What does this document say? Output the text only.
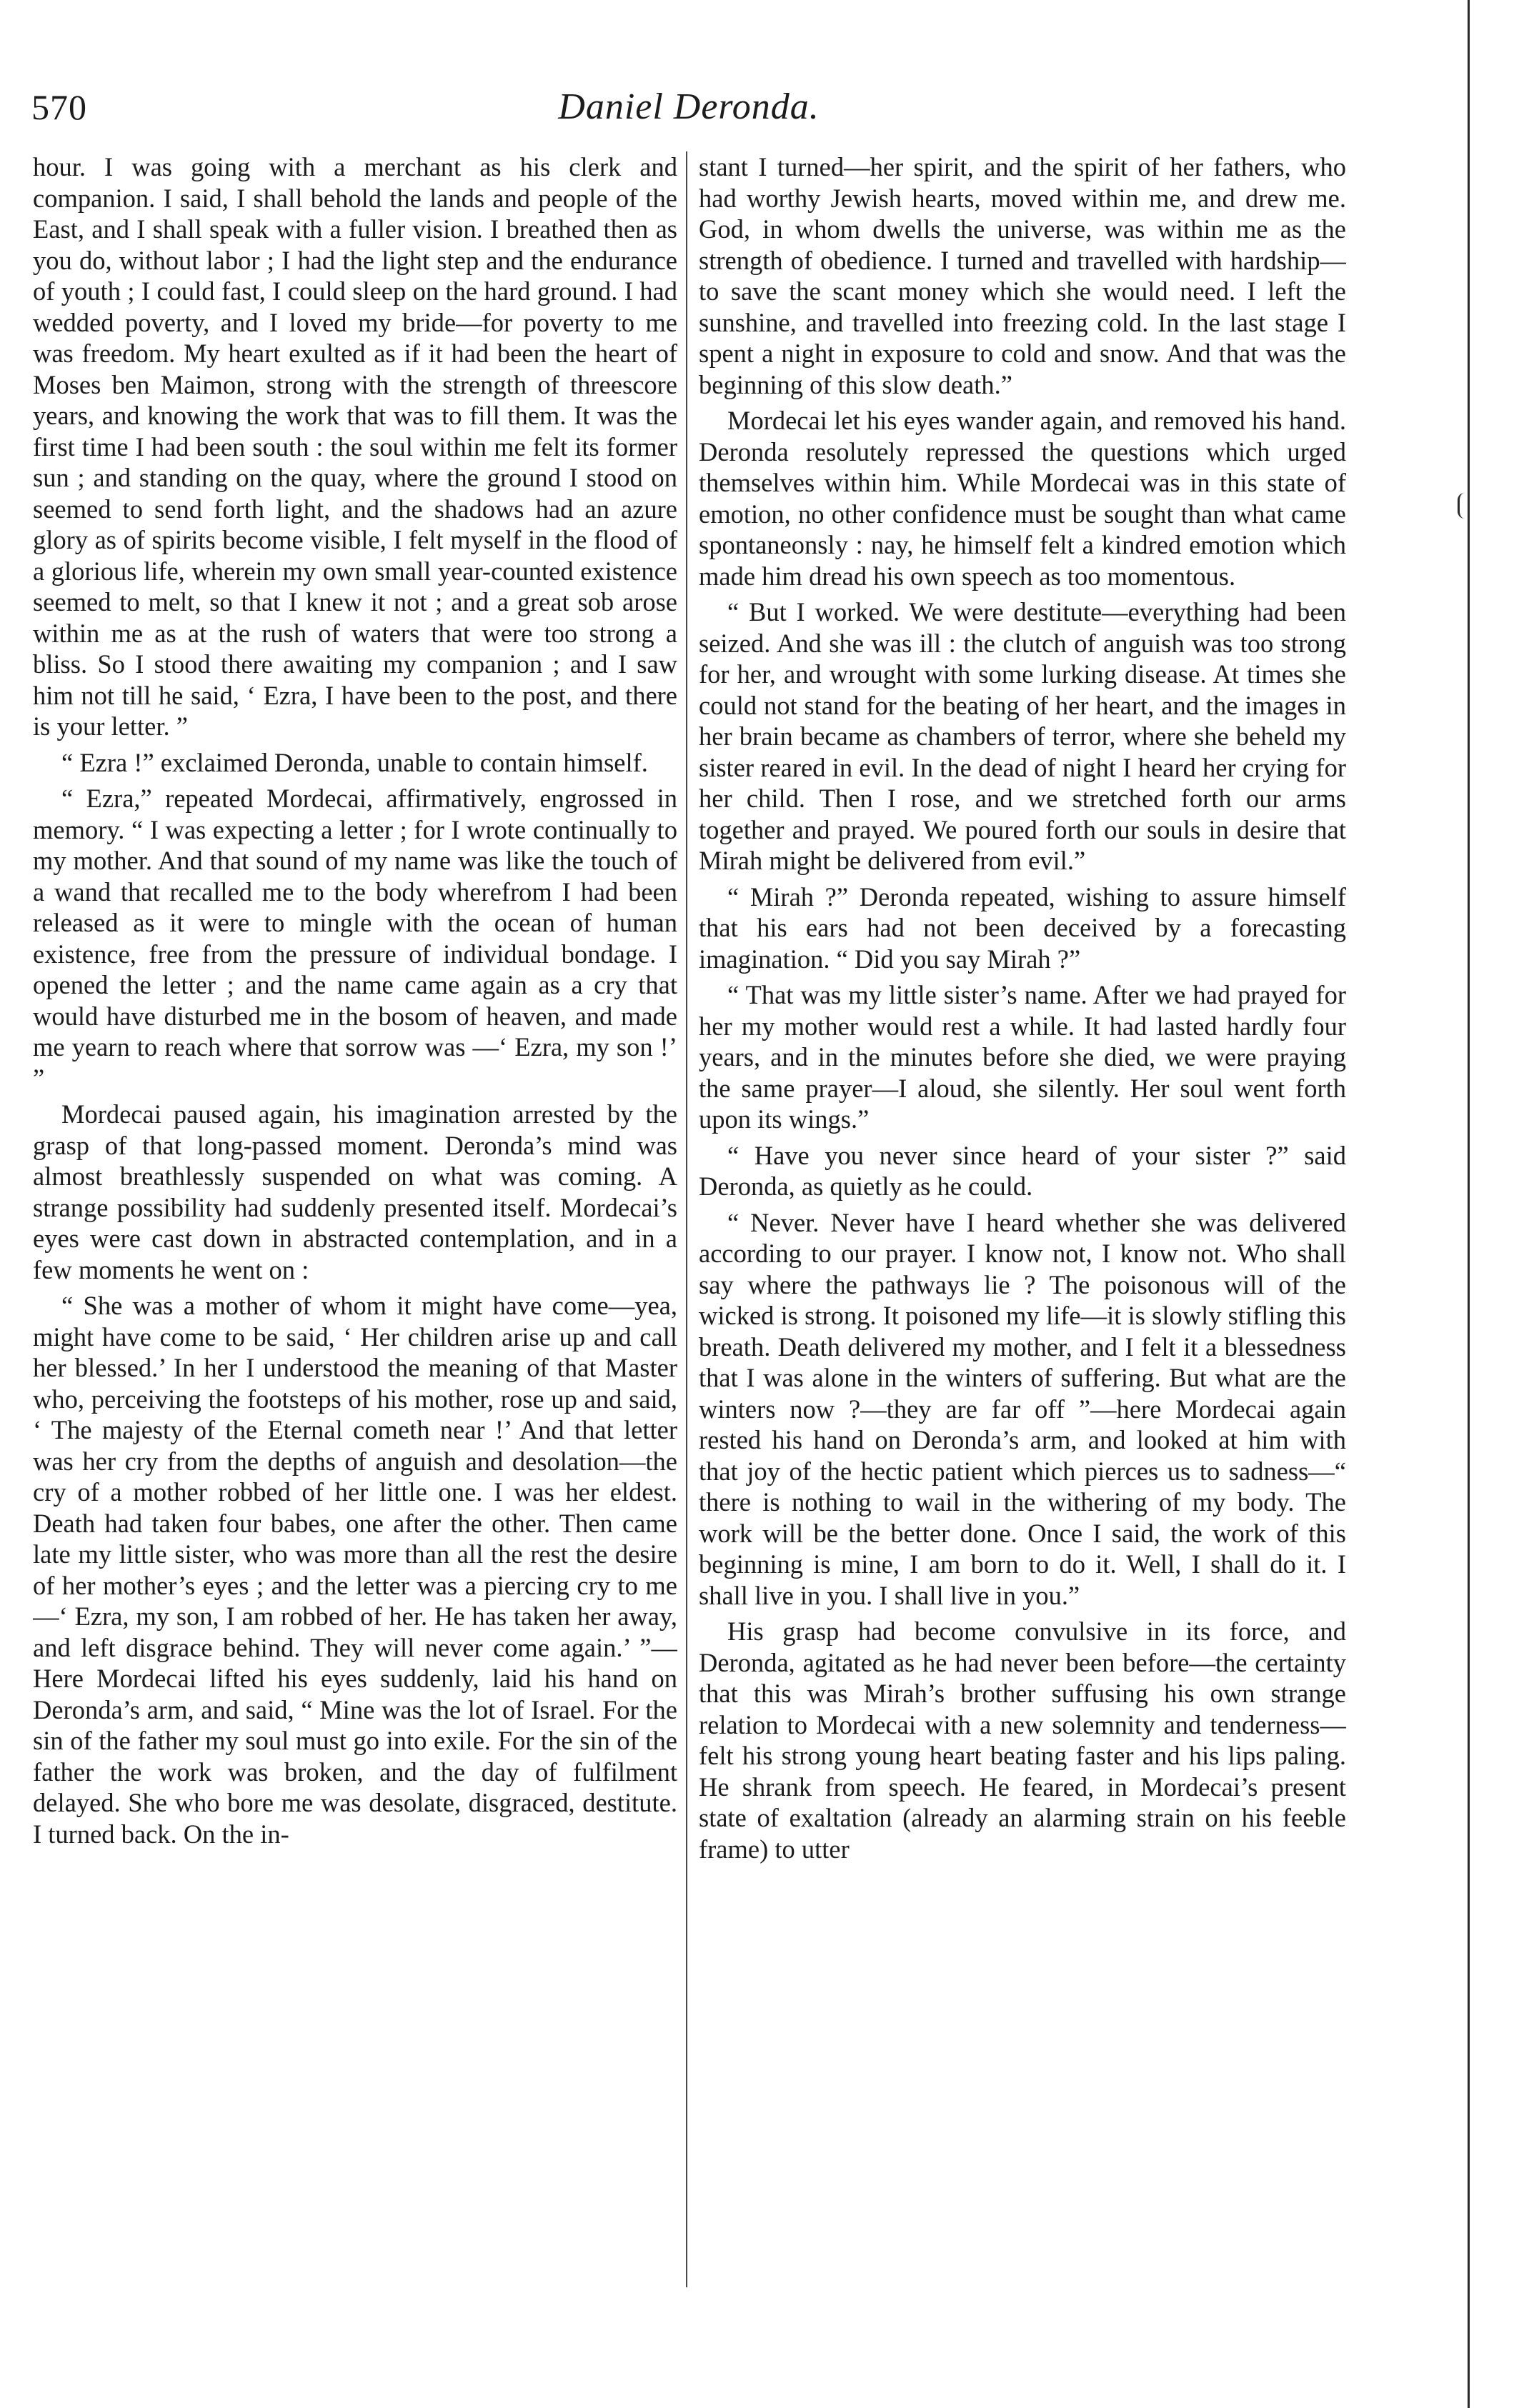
570	Daniel Deronda.

hour. I was going with a merchant as his clerk and companion. I said, I shall behold the lands and people of the East, and I shall speak with a fuller vision. I breathed then as you do, without labor ; I had the light step and the endurance of youth ; I could fast, I could sleep on the hard ground. I had wedded poverty, and I loved my bride—for poverty to me was freedom. My heart exulted as if it had been the heart of Moses ben Maimon, strong with the strength of threescore years, and knowing the work that was to fill them. It was the first time I had been south : the soul within me felt its former sun ; and standing on the quay, where the ground I stood on seemed to send forth light, and the shadows had an azure glory as of spirits become visible, I felt myself in the flood of a glorious life, wherein my own small year-counted existence seemed to melt, so that I knew it not ; and a great sob arose within me as at the rush of waters that were too strong a bliss. So I stood there awaiting my companion ; and I saw him not till he said, ‘ Ezra, I have been to the post, and there is your letter. ”

“ Ezra !” exclaimed Deronda, unable to contain himself.

“ Ezra,” repeated Mordecai, affirmatively, engrossed in memory. “ I was expecting a letter ; for I wrote continually to my mother. And that sound of my name was like the touch of a wand that recalled me to the body wherefrom I had been released as it were to mingle with the ocean of human existence, free from the pressure of individual bondage. I opened the letter ; and the name came again as a cry that would have disturbed me in the bosom of heaven, and made me yearn to reach where that sorrow was —‘ Ezra, my son !’ ”

Mordecai paused again, his imagination arrested by the grasp of that long-passed moment. Deronda’s mind was almost breathlessly suspended on what was coming. A strange possibility had suddenly presented itself. Mordecai’s eyes were cast down in abstracted contemplation, and in a few moments he went on :

“ She was a mother of whom it might have come—yea, might have come to be said, ‘ Her children arise up and call her blessed.’ In her I understood the meaning of that Master who, perceiving the footsteps of his mother, rose up and said, ‘ The majesty of the Eternal cometh near !’ And that letter was her cry from the depths of anguish and desolation—the cry of a mother robbed of her little one. I was her eldest. Death had taken four babes, one after the other. Then came late my little sister, who was more than all the rest the desire of her mother’s eyes ; and the letter was a piercing cry to me—‘ Ezra, my son, I am robbed of her. He has taken her away, and left disgrace behind. They will never come again.’ ”—Here Mordecai lifted his eyes suddenly, laid his hand on Deronda’s arm, and said, “ Mine was the lot of Israel. For the sin of the father my soul must go into exile. For the sin of the father the work was broken, and the day of fulfilment delayed. She who bore me was desolate, disgraced, destitute. I turned back. On the in-

stant I turned—her spirit, and the spirit of her fathers, who had worthy Jewish hearts, moved within me, and drew me. God, in whom dwells the universe, was within me as the strength of obedience. I turned and travelled with hardship—to save the scant money which she would need. I left the sunshine, and travelled into freezing cold. In the last stage I spent a night in exposure to cold and snow. And that was the beginning of this slow death.”

Mordecai let his eyes wander again, and removed his hand. Deronda resolutely repressed the questions which urged themselves within him. While Mordecai was in this state of emotion, no other confidence must be sought than what came spontaneonsly : nay, he himself felt a kindred emotion which made him dread his own speech as too momentous.

“ But I worked. We were destitute—everything had been seized. And she was ill : the clutch of anguish was too strong for her, and wrought with some lurking disease. At times she could not stand for the beating of her heart, and the images in her brain became as chambers of terror, where she beheld my sister reared in evil. In the dead of night I heard her crying for her child. Then I rose, and we stretched forth our arms together and prayed. We poured forth our souls in desire that Mirah might be delivered from evil.”

“ Mirah ?” Deronda repeated, wishing to assure himself that his ears had not been deceived by a forecasting imagination. “ Did you say Mirah ?”

“ That was my little sister’s name. After we had prayed for her my mother would rest a while. It had lasted hardly four years, and in the minutes before she died, we were praying the same prayer—I aloud, she silently. Her soul went forth upon its wings.”

“ Have you never since heard of your sister ?” said Deronda, as quietly as he could.

“ Never. Never have I heard whether she was delivered according to our prayer. I know not, I know not. Who shall say where the pathways lie ? The poisonous will of the wicked is strong. It poisoned my life—it is slowly stifling this breath. Death delivered my mother, and I felt it a blessedness that I was alone in the winters of suffering. But what are the winters now ?—they are far off ”—here Mordecai again rested his hand on Deronda’s arm, and looked at him with that joy of the hectic patient which pierces us to sadness—“ there is nothing to wail in the withering of my body. The work will be the better done. Once I said, the work of this beginning is mine, I am born to do it. Well, I shall do it. I shall live in you. I shall live in you.”

His grasp had become convulsive in its force, and Deronda, agitated as he had never been before—the certainty that this was Mirah’s brother suffusing his own strange relation to Mordecai with a new solemnity and tenderness—felt his strong young heart beating faster and his lips paling. He shrank from speech. He feared, in Mordecai’s present state of exaltation (already an alarming strain on his feeble frame) to utter
